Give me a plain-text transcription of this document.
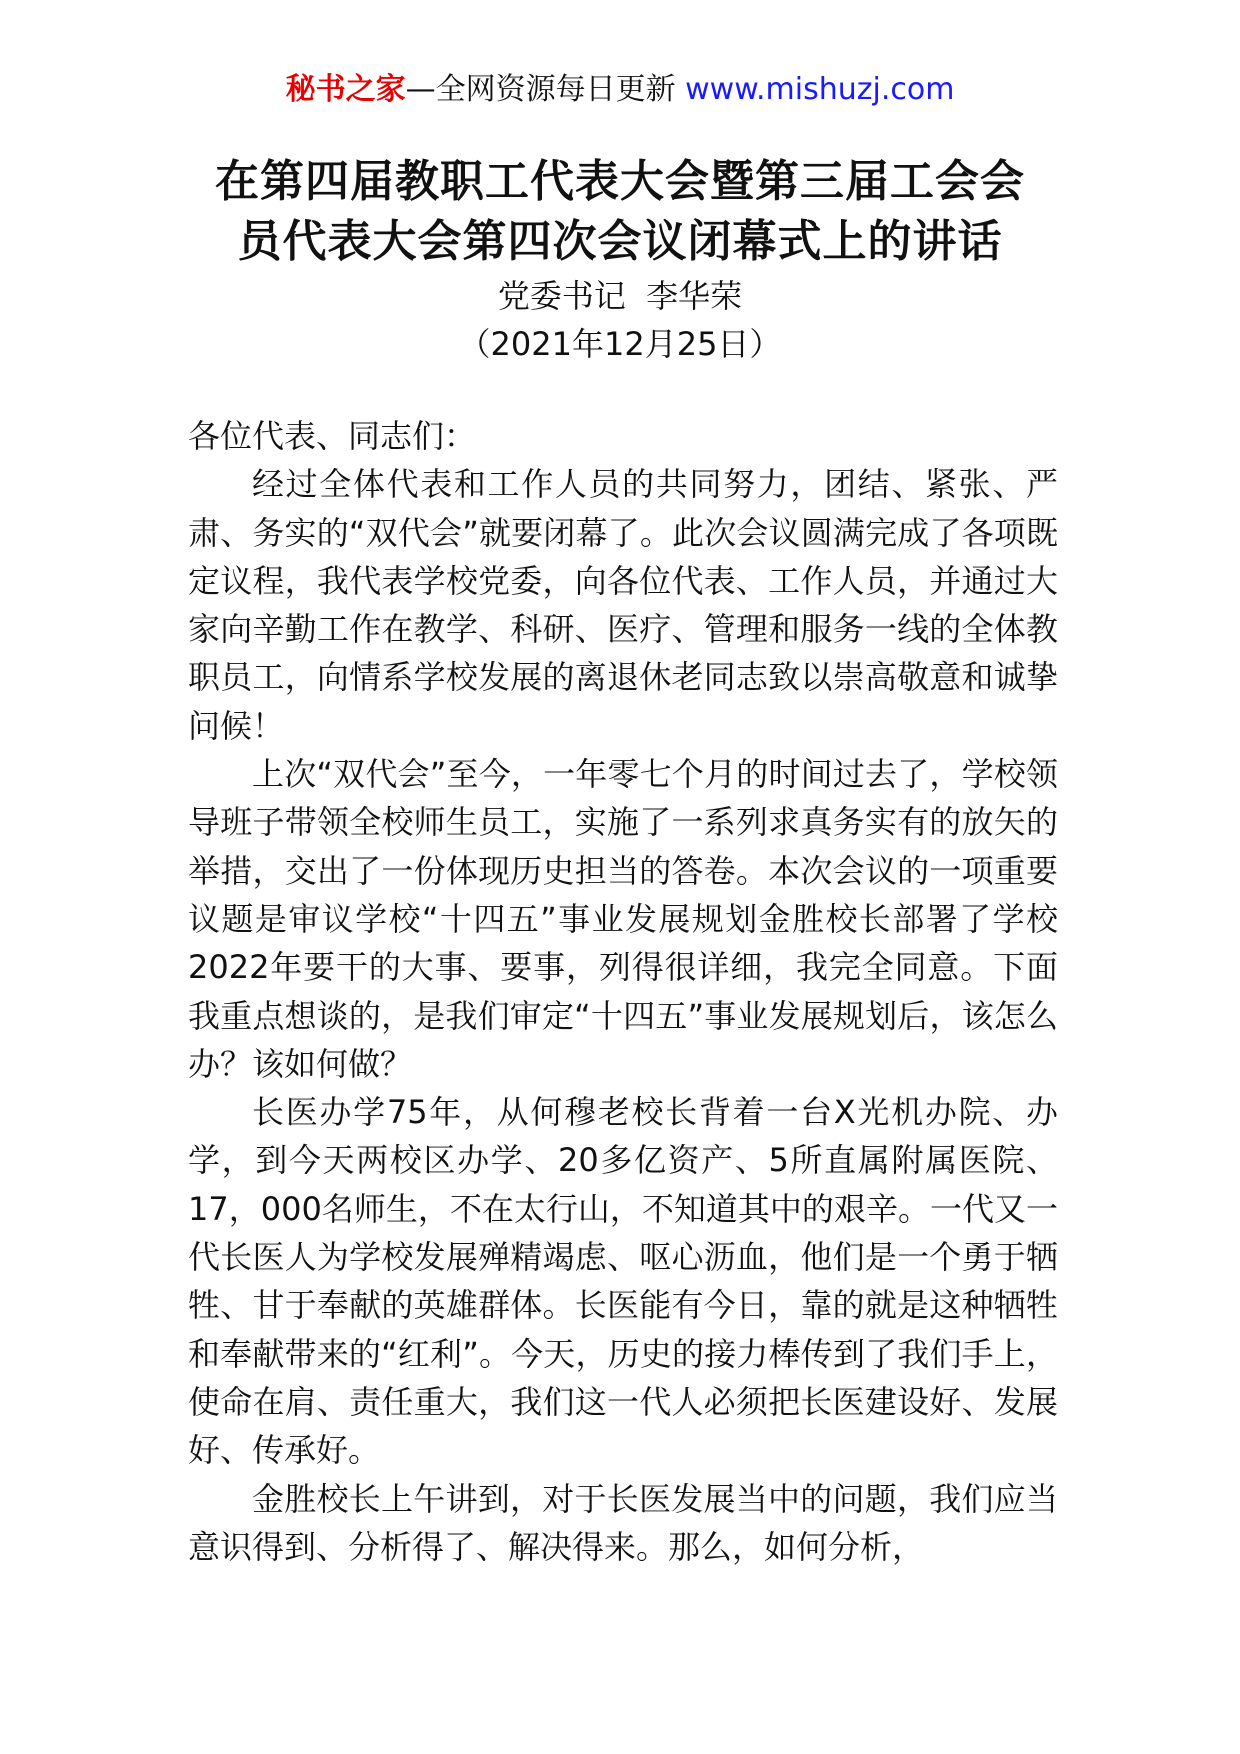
秘书之家—全网资源每日更新 www.mishuzj.com
在第四届教职工代表大会暨第三届工会会
员代表大会第四次会议闭幕式上的讲话
党委书记  李华荣
（2021年12月25日）

各位代表、同志们：

经过全体代表和工作人员的共同努力，团结、紧张、严肃、务实的“双代会”就要闭幕了。此次会议圆满完成了各项既定议程，我代表学校党委，向各位代表、工作人员，并通过大家向辛勤工作在教学、科研、医疗、管理和服务一线的全体教职员工，向情系学校发展的离退休老同志致以崇高敬意和诚挚问候！

上次“双代会”至今，一年零七个月的时间过去了，学校领导班子带领全校师生员工，实施了一系列求真务实有的放矢的举措，交出了一份体现历史担当的答卷。本次会议的一项重要议题是审议学校“十四五”事业发展规划金胜校长部署了学校2022年要干的大事、要事，列得很详细，我完全同意。下面我重点想谈的，是我们审定“十四五”事业发展规划后，该怎么办？该如何做？

长医办学75年，从何穆老校长背着一台X光机办院、办学，到今天两校区办学、20多亿资产、5所直属附属医院、17，000名师生，不在太行山，不知道其中的艰辛。一代又一代长医人为学校发展殚精竭虑、呕心沥血，他们是一个勇于牺牲、甘于奉献的英雄群体。长医能有今日，靠的就是这种牺牲和奉献带来的“红利”。今天，历史的接力棒传到了我们手上，使命在肩、责任重大，我们这一代人必须把长医建设好、发展好、传承好。

金胜校长上午讲到，对于长医发展当中的问题，我们应当意识得到、分析得了、解决得来。那么，如何分析，
